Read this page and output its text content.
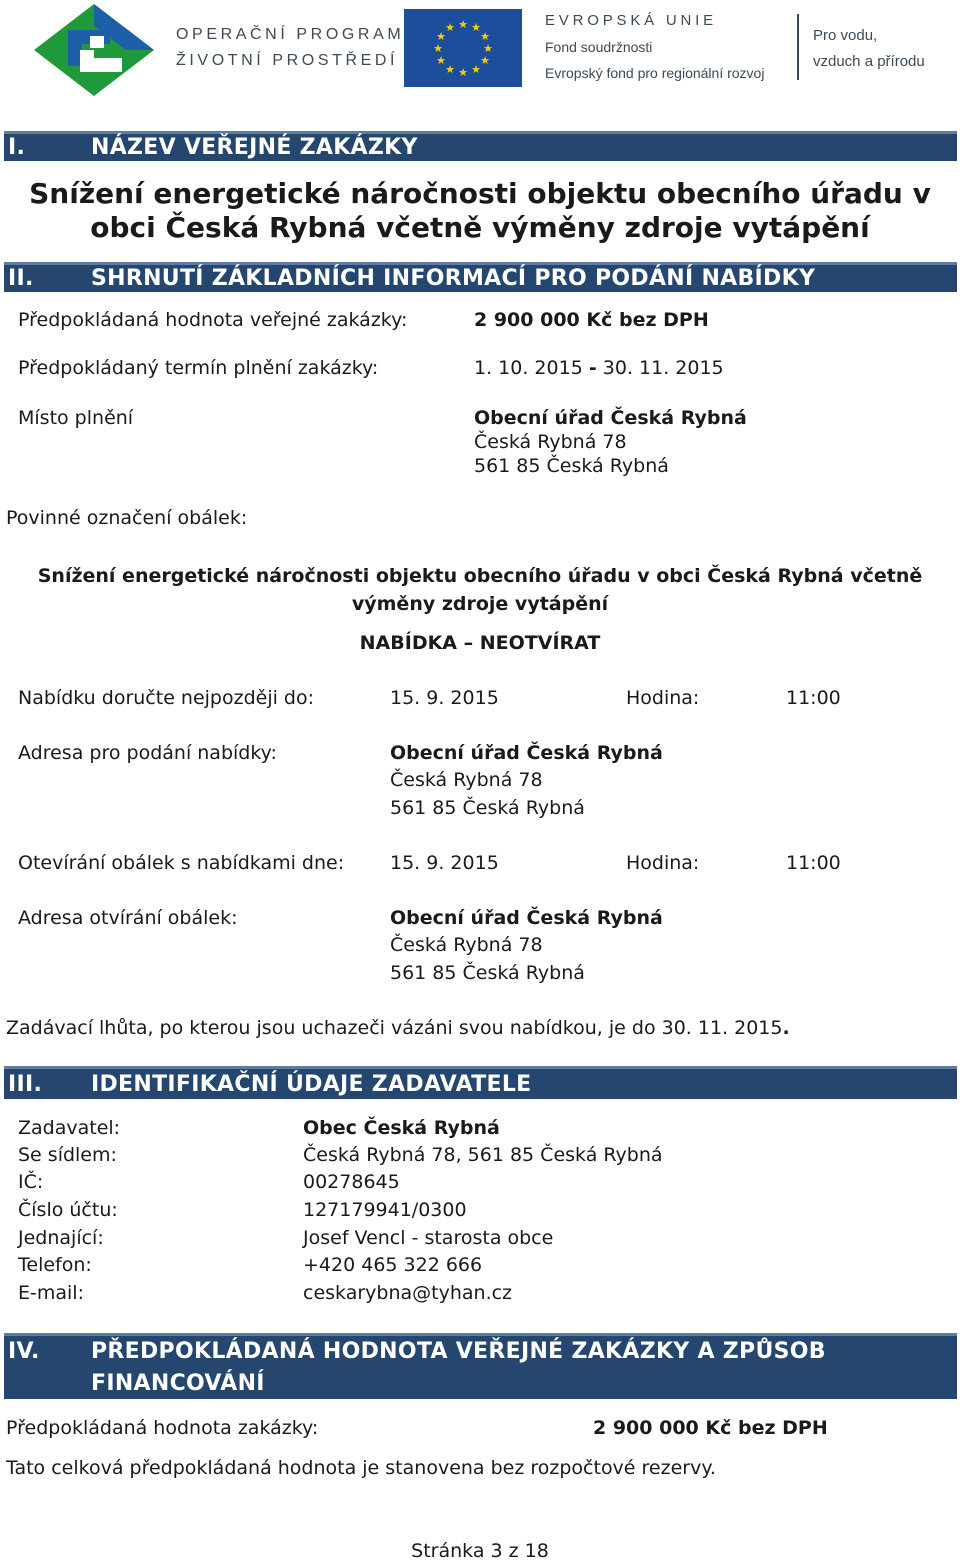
OPERAČNÍ PROGRAM
ŽIVOTNÍ PROSTŘEDÍ
★ ★
★
★
★
★
★
★
★
★
★
★	EVROPSKÁ UNIE
Fond soudržnosti
Evropský fond pro regionální rozvoj
Pro vodu,
vzduch a přírodu
I.	NÁZEV VEŘEJNÉ ZAKÁZKY
Snížení energetické náročnosti objektu obecního úřadu v
obci Česká Rybná včetně výměny zdroje vytápění
II.	SHRNUTÍ ZÁKLADNÍCH INFORMACÍ PRO PODÁNÍ NABÍDKY
Předpokládaná hodnota veřejné zakázky:	2 900 000 Kč bez DPH
Předpokládaný termín plnění zakázky:	1. 10. 2015 - 30. 11. 2015
Místo plnění	Obecní úřad Česká Rybná
Česká Rybná 78
561 85 Česká Rybná
Povinné označení obálek:
Snížení energetické náročnosti objektu obecního úřadu v obci Česká Rybná včetně
výměny zdroje vytápění
NABÍDKA – NEOTVÍRAT
Nabídku doručte nejpozději do:	15. 9. 2015	Hodina:	11:00
Adresa pro podání nabídky:	Obecní úřad Česká Rybná
Česká Rybná 78
561 85 Česká Rybná
Otevírání obálek s nabídkami dne: 15. 9. 2015	Hodina:	11:00
Adresa otvírání obálek:	Obecní úřad Česká Rybná
Česká Rybná 78
561 85 Česká Rybná
Zadávací lhůta, po kterou jsou uchazeči vázáni svou nabídkou, je do 30. 11. 2015.
III. IDENTIFIKAČNÍ ÚDAJE ZADAVATELE
Zadavatel:	Obec Česká Rybná
Se sídlem:	Česká Rybná 78, 561 85 Česká Rybná
IČ:	00278645
Číslo účtu:	127179941/0300
Jednající:	Josef Vencl - starosta obce
Telefon:	+420 465 322 666
E-mail:	ceskarybna@tyhan.cz
IV. PŘEDPOKLÁDANÁ HODNOTA VEŘEJNÉ ZAKÁZKY A ZPŮSOB
FINANCOVÁNÍ
Předpokládaná hodnota zakázky:	2 900 000 Kč bez DPH
Tato celková předpokládaná hodnota je stanovena bez rozpočtové rezervy.
Stránka 3 z 18
